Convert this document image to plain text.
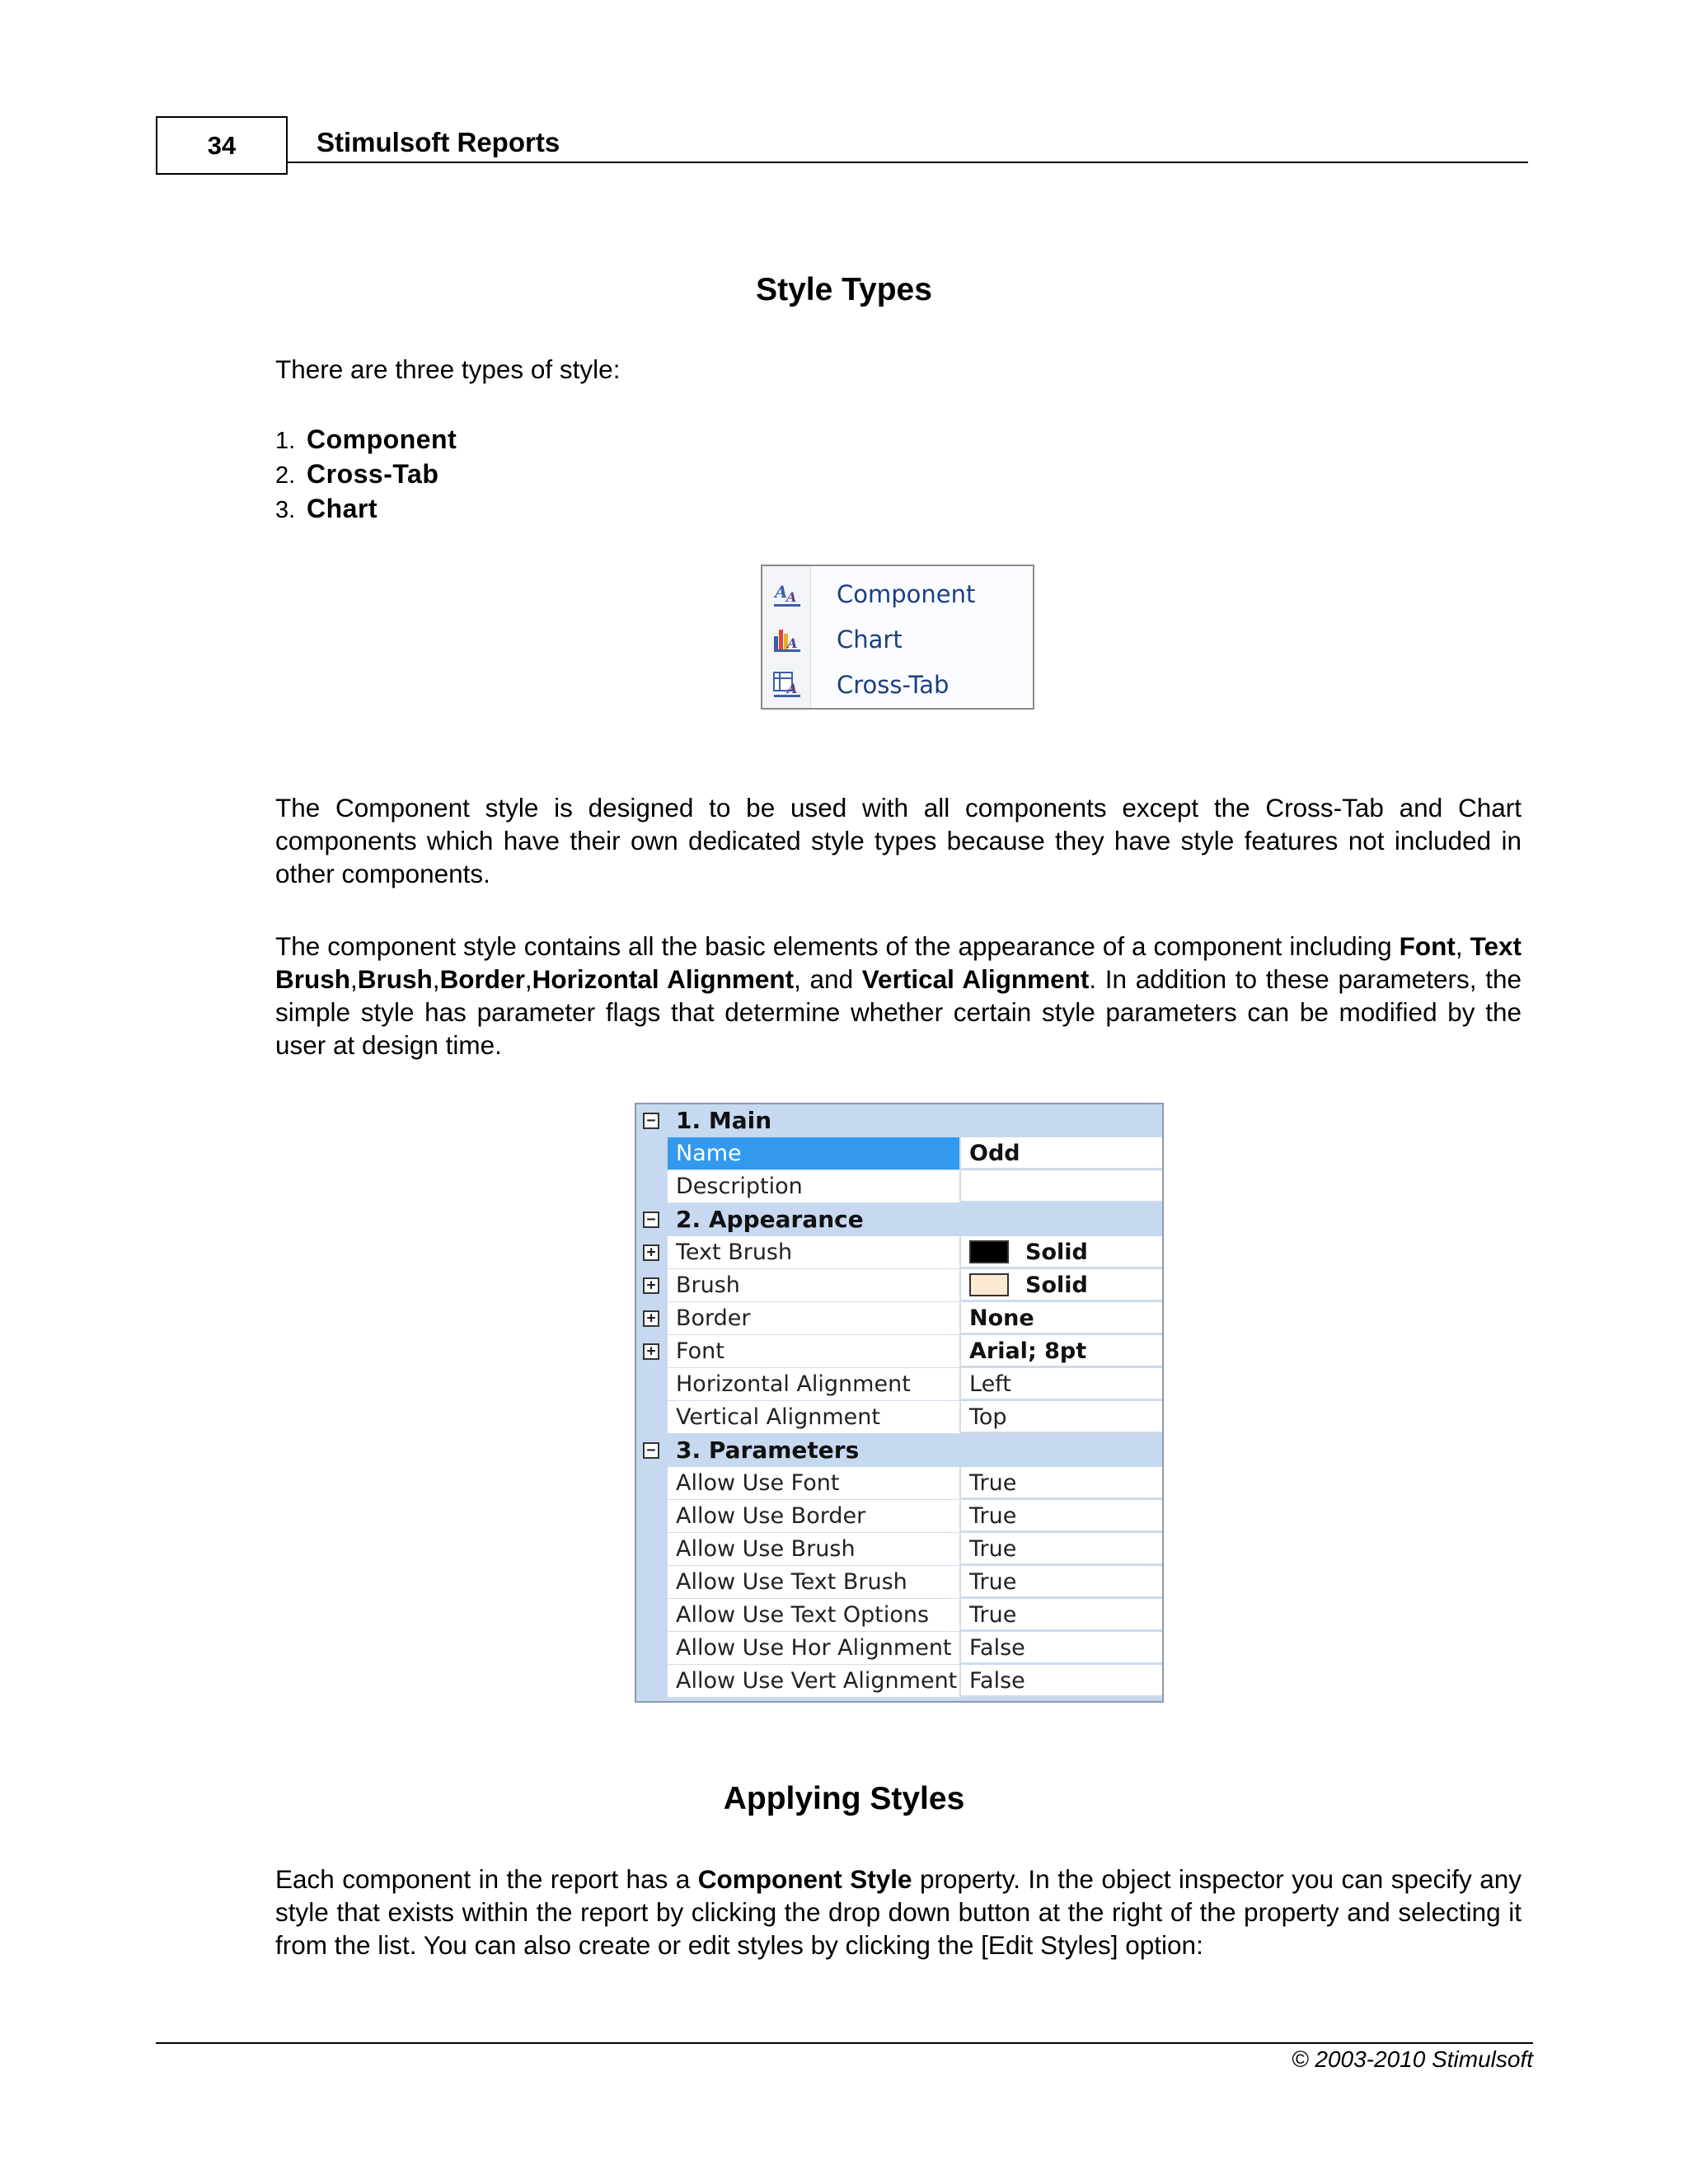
34	Stimulsoft Reports
Style Types
There are three types of style:
1. Component
2. Cross-Tab
3. Chart
A
A Component
A Chart
A Cross-Tab
The Component style is designed to be used with all components except the Cross-Tab and Chart components which have their own dedicated style types because they have style features not included in other components.
The component style contains all the basic elements of the appearance of a component including Font, Text Brush,Brush,Border,Horizontal Alignment, and Vertical Alignment. In addition to these parameters, the simple style has parameter flags that determine whether certain style parameters can be modified by the user at design time.
− 1. Main
Name	Odd
Description
− 2. Appearance
+ Text Brush	Solid
+ Brush	Solid
+ Border	None
+ Font	Arial; 8pt
Horizontal Alignment	Left
Vertical Alignment	Top
− 3. Parameters
Allow Use Font	True
Allow Use Border	True
Allow Use Brush	True
Allow Use Text Brush	True
Allow Use Text Options	True
Allow Use Hor Alignment False
Allow Use Vert Alignment False
Applying Styles
Each component in the report has a Component Style property. In the object inspector you can specify any style that exists within the report by clicking the drop down button at the right of the property and selecting it from the list. You can also create or edit styles by clicking the [Edit Styles] option:
© 2003-2010 Stimulsoft
